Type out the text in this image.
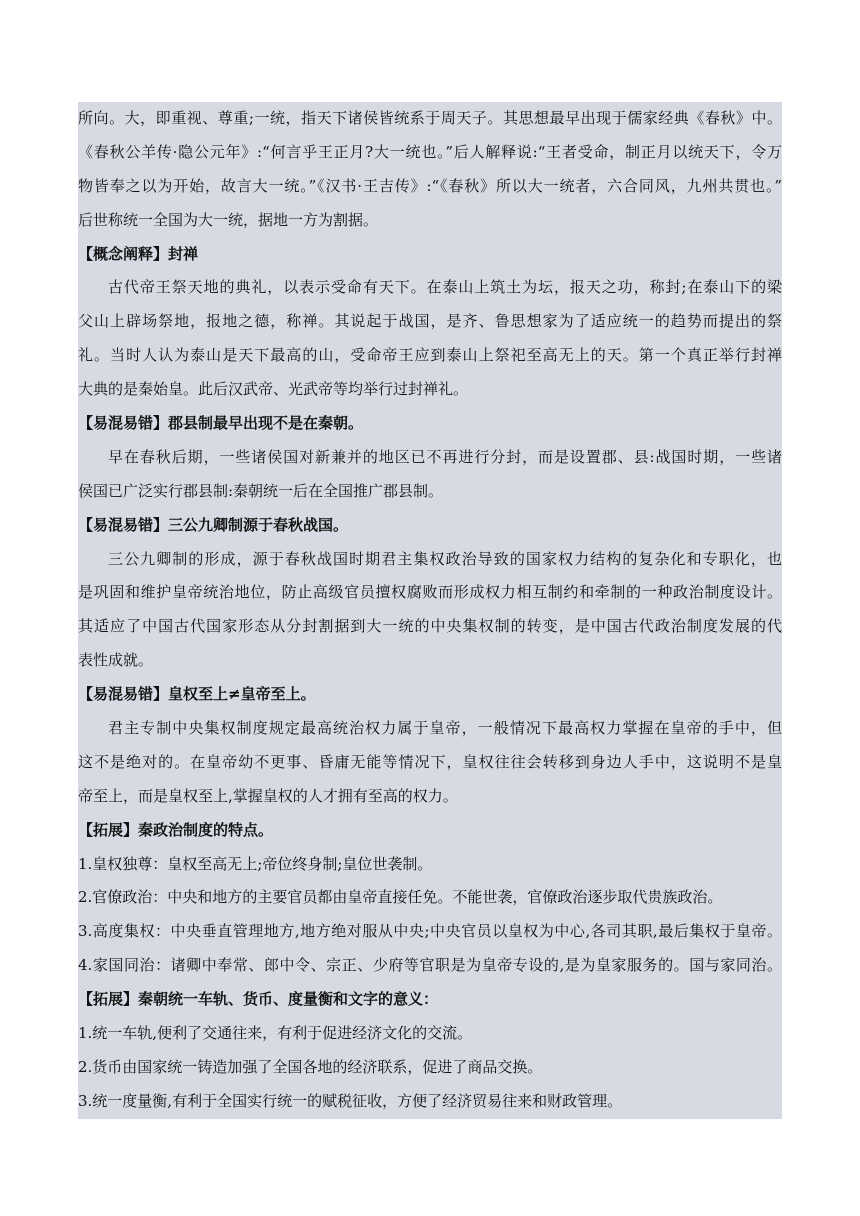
所向。大，即重视、尊重;一统，指天下诸侯皆统系于周天子。其思想最早出现于儒家经典《春秋》中。
《春秋公羊传·隐公元年》:“何言乎王正月?大一统也。”后人解释说:“王者受命，制正月以统天下，令万
物皆奉之以为开始，故言大一统。”《汉书·王吉传》:“《春秋》所以大一统者，六合同风，九州共贯也。”
后世称统一全国为大一统，据地一方为割据。
【概念阐释】封禅
古代帝王祭天地的典礼，以表示受命有天下。在泰山上筑土为坛，报天之功，称封;在泰山下的梁
父山上辟场祭地，报地之德，称禅。其说起于战国，是齐、鲁思想家为了适应统一的趋势而提出的祭
礼。当时人认为泰山是天下最高的山，受命帝王应到泰山上祭祀至高无上的天。第一个真正举行封禅
大典的是秦始皇。此后汉武帝、光武帝等均举行过封禅礼。
【易混易错】郡县制最早出现不是在秦朝。
早在春秋后期，一些诸侯国对新兼并的地区已不再进行分封，而是设置郡、县:战国时期，一些诸
侯国已广泛实行郡县制:秦朝统一后在全国推广郡县制。
【易混易错】三公九卿制源于春秋战国。
三公九卿制的形成，源于春秋战国时期君主集权政治导致的国家权力结构的复杂化和专职化，也
是巩固和维护皇帝统治地位，防止高级官员擅权腐败而形成权力相互制约和牵制的一种政治制度设计。
其适应了中国古代国家形态从分封割据到大一统的中央集权制的转变，是中国古代政治制度发展的代
表性成就。
【易混易错】皇权至上≠皇帝至上。
君主专制中央集权制度规定最高统治权力属于皇帝，一般情况下最高权力掌握在皇帝的手中，但
这不是绝对的。在皇帝幼不更事、昏庸无能等情况下，皇权往往会转移到身边人手中，这说明不是皇
帝至上，而是皇权至上,掌握皇权的人才拥有至高的权力。
【拓展】秦政治制度的特点。
1.皇权独尊：皇权至高无上;帝位终身制;皇位世袭制。
2.官僚政治：中央和地方的主要官员都由皇帝直接任免。不能世袭，官僚政治逐步取代贵族政治。
3.高度集权：中央垂直管理地方,地方绝对服从中央;中央官员以皇权为中心,各司其职,最后集权于皇帝。
4.家国同治：诸卿中奉常、郎中令、宗正、少府等官职是为皇帝专设的,是为皇家服务的。国与家同治。
【拓展】秦朝统一车轨、货币、度量衡和文字的意义：
1.统一车轨,便利了交通往来，有利于促进经济文化的交流。
2.货币由国家统一铸造加强了全国各地的经济联系，促进了商品交换。
3.统一度量衡,有利于全国实行统一的赋税征收，方便了经济贸易往来和财政管理。
